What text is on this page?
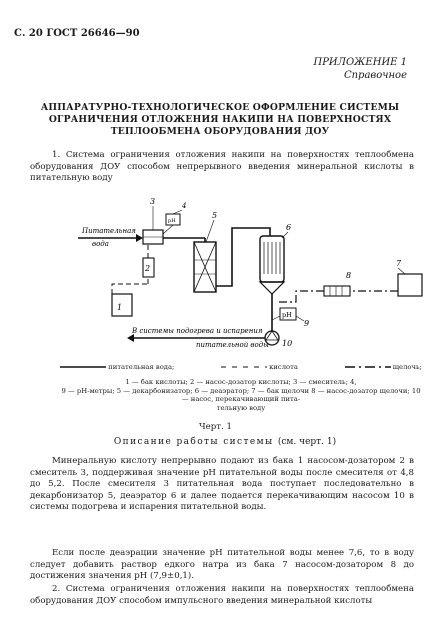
С. 20 ГОСТ 26646—90
ПРИЛОЖЕНИЕ 1
Справочное
АППАРАТУРНО-ТЕХНОЛОГИЧЕСКОЕ ОФОРМЛЕНИЕ СИСТЕМЫ
ОГРАНИЧЕНИЯ ОТЛОЖЕНИЯ НАКИПИ НА ПОВЕРХНОСТЯХ
ТЕПЛООБМЕНА ОБОРУДОВАНИЯ ДОУ
1. Система ограничения отложения накипи на поверхностях теплообмена оборудования ДОУ способом непрерывного введения минеральной кислоты в питательную воду
Питательная
вода
3
pH
4
5
6
10
pH
9
В системы подогрева и испарения
питательной воды
1
2
7
8
питательная вода;	кислота	щелочь;
1 — бак кислоты; 2 — насос-дозатор кислоты; 3 — смеситель; 4,
9 — рН-метры; 5 — декарбонизатор; 6 — деаэратор; 7 — бак щелочи 8 — насос-дозатор щелочи; 10 — насос, перекачивающий пита-
тельную воду
Черт. 1
Описание работы системы (см. черт. 1)
Минеральную кислоту непрерывно подают из бака 1 насосом-дозатором 2 в смеситель 3, поддерживая значение рН питательной воды после смесителя от 4,8 до 5,2. После смесителя 3 питательная вода поступает последовательно в декарбонизатор 5, деаэратор 6 и далее подается перекачивающим насосом 10 в системы подогрева и испарения питательной воды.
Если после деаэрации значение рН питательной воды менее 7,6, то в воду следует добавить раствор едкого натра из бака 7 насосом-дозатором 8 до достижения значения рН (7,9±0,1).
2. Система ограничения отложения накипи на поверхностях теплообмена оборудования ДОУ способом импульсного введения минеральной кислоты
